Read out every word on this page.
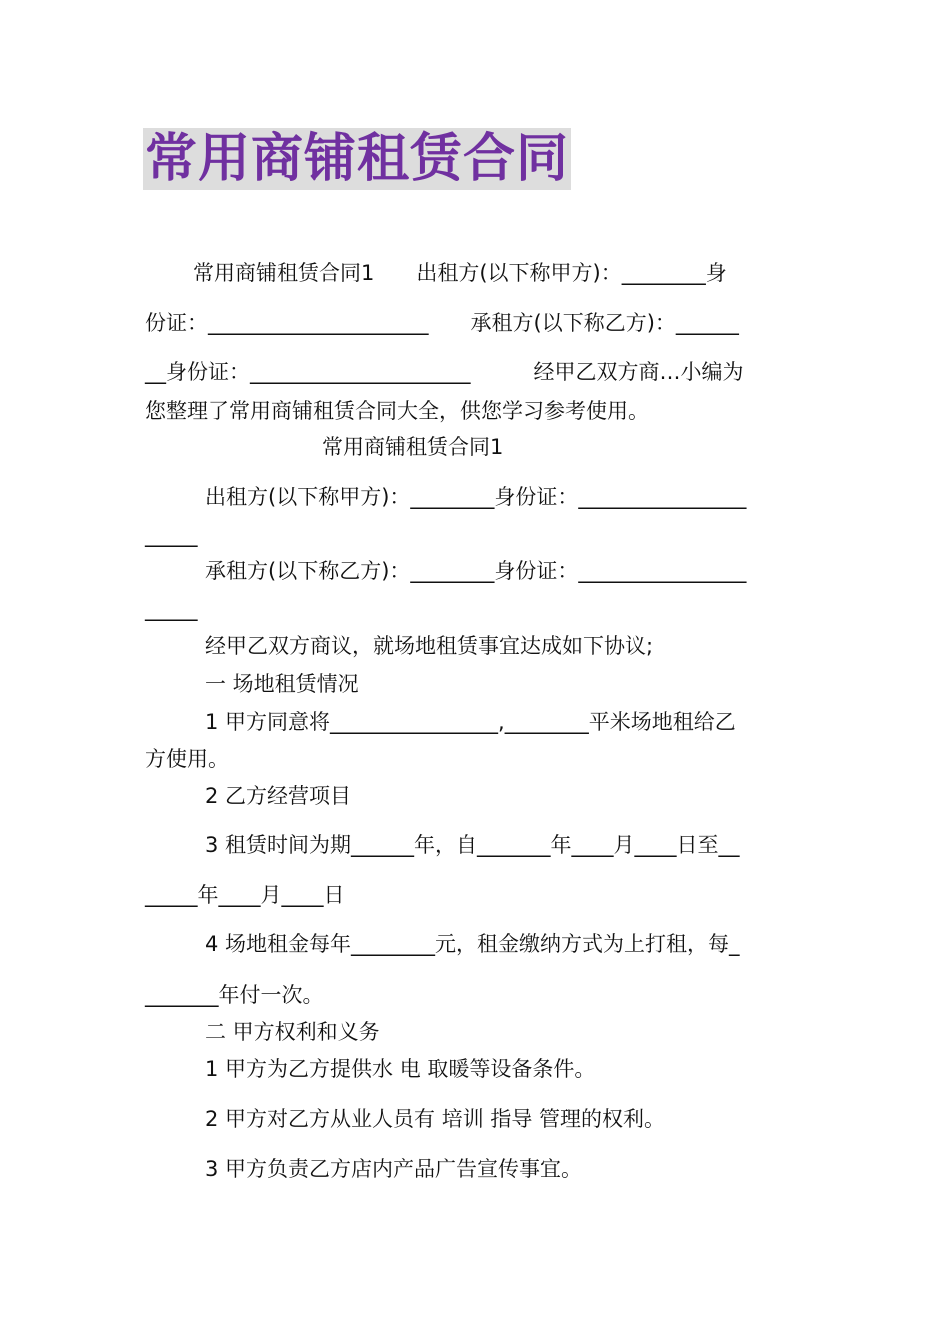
常用商铺租赁合同
常用商铺租赁合同1　　出租方(以下称甲方)：________身
份证：_____________________　　承租方(以下称乙方)：______
__身份证：_____________________　　　经甲乙双方商…小编为
您整理了常用商铺租赁合同大全，供您学习参考使用。
常用商铺租赁合同1
出租方(以下称甲方)：________身份证：________________
_____
承租方(以下称乙方)：________身份证：________________
_____
经甲乙双方商议，就场地租赁事宜达成如下协议;
一 场地租赁情况
1 甲方同意将________________,________平米场地租给乙
方使用。
2 乙方经营项目
3 租赁时间为期______年，自_______年____月____日至__
_____年____月____日
4 场地租金每年________元，租金缴纳方式为上打租，每_
_______年付一次。
二 甲方权利和义务
1 甲方为乙方提供水 电 取暖等设备条件。
2 甲方对乙方从业人员有 培训 指导 管理的权利。
3 甲方负责乙方店内产品广告宣传事宜。
